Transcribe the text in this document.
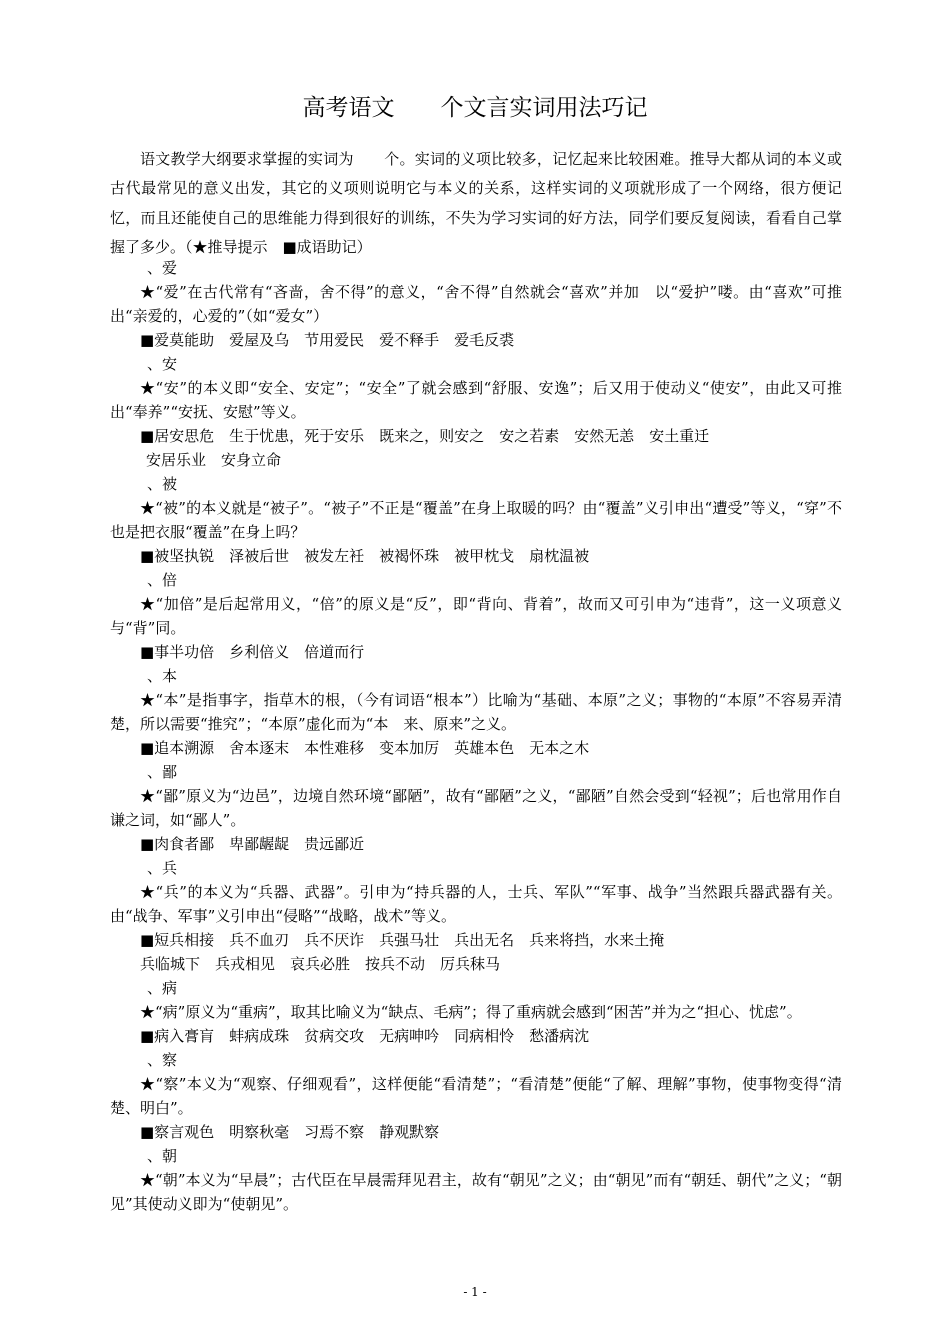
高考语文　　个文言实词用法巧记
语文教学大纲要求掌握的实词为　　个。实词的义项比较多，记忆起来比较困难。推导大都从词的本义或古代最常见的意义出发，其它的义项则说明它与本义的关系，这样实词的义项就形成了一个网络，很方便记忆，而且还能使自己的思维能力得到很好的训练，不失为学习实词的好方法，同学们要反复阅读，看看自己掌握了多少。（★推导提示　■成语助记）
、爱
★“爱”在古代常有“吝啬，舍不得”的意义，“舍不得”自然就会“喜欢”并加　以“爱护”喽。由“喜欢”可推出“亲爱的，心爱的”（如“爱女”）
■爱莫能助　爱屋及乌　节用爱民　爱不释手　爱毛反裘
、安
★“安”的本义即“安全、安定”；“安全”了就会感到“舒服、安逸”；后又用于使动义“使安”，由此又可推出“奉养”“安抚、安慰”等义。
■居安思危　生于忧患，死于安乐　既来之，则安之　安之若素　安然无恙　安土重迁
安居乐业　安身立命
、被
★“被”的本义就是“被子”。“被子”不正是“覆盖”在身上取暖的吗？由“覆盖”义引申出“遭受”等义，“穿”不也是把衣服“覆盖”在身上吗？
■被坚执锐　泽被后世　被发左衽　被褐怀珠　被甲枕戈　扇枕温被
、倍
★“加倍”是后起常用义，“倍”的原义是“反”，即“背向、背着”，故而又可引申为“违背”，这一义项意义与“背”同。
■事半功倍　乡利倍义　倍道而行
、本
★“本”是指事字，指草木的根，（今有词语“根本”）比喻为“基础、本原”之义；事物的“本原”不容易弄清楚，所以需要“推究”；“本原”虚化而为“本　来、原来”之义。
■追本溯源　舍本逐末　本性难移　变本加厉　英雄本色　无本之木
、鄙
★“鄙”原义为“边邑”，边境自然环境“鄙陋”，故有“鄙陋”之义，“鄙陋”自然会受到“轻视”；后也常用作自谦之词，如“鄙人”。
■肉食者鄙　卑鄙龌龊　贵远鄙近
、兵
★“兵”的本义为“兵器、武器”。引申为“持兵器的人，士兵、军队”“军事、战争”当然跟兵器武器有关。由“战争、军事”义引申出“侵略”“战略，战术”等义。
■短兵相接　兵不血刃　兵不厌诈　兵强马壮　兵出无名　兵来将挡，水来土掩
兵临城下　兵戎相见　哀兵必胜　按兵不动　厉兵秣马
、病
★“病”原义为“重病”，取其比喻义为“缺点、毛病”；得了重病就会感到“困苦”并为之“担心、忧虑”。
■病入膏肓　蚌病成珠　贫病交攻　无病呻吟　同病相怜　愁潘病沈
、察
★“察”本义为“观察、仔细观看”，这样便能“看清楚”；“看清楚”便能“了解、理解”事物，使事物变得“清楚、明白”。
■察言观色　明察秋毫　习焉不察　静观默察
、朝
★“朝”本义为“早晨”；古代臣在早晨需拜见君主，故有“朝见”之义；由“朝见”而有“朝廷、朝代”之义；“朝见”其使动义即为“使朝见”。
- 1 -
